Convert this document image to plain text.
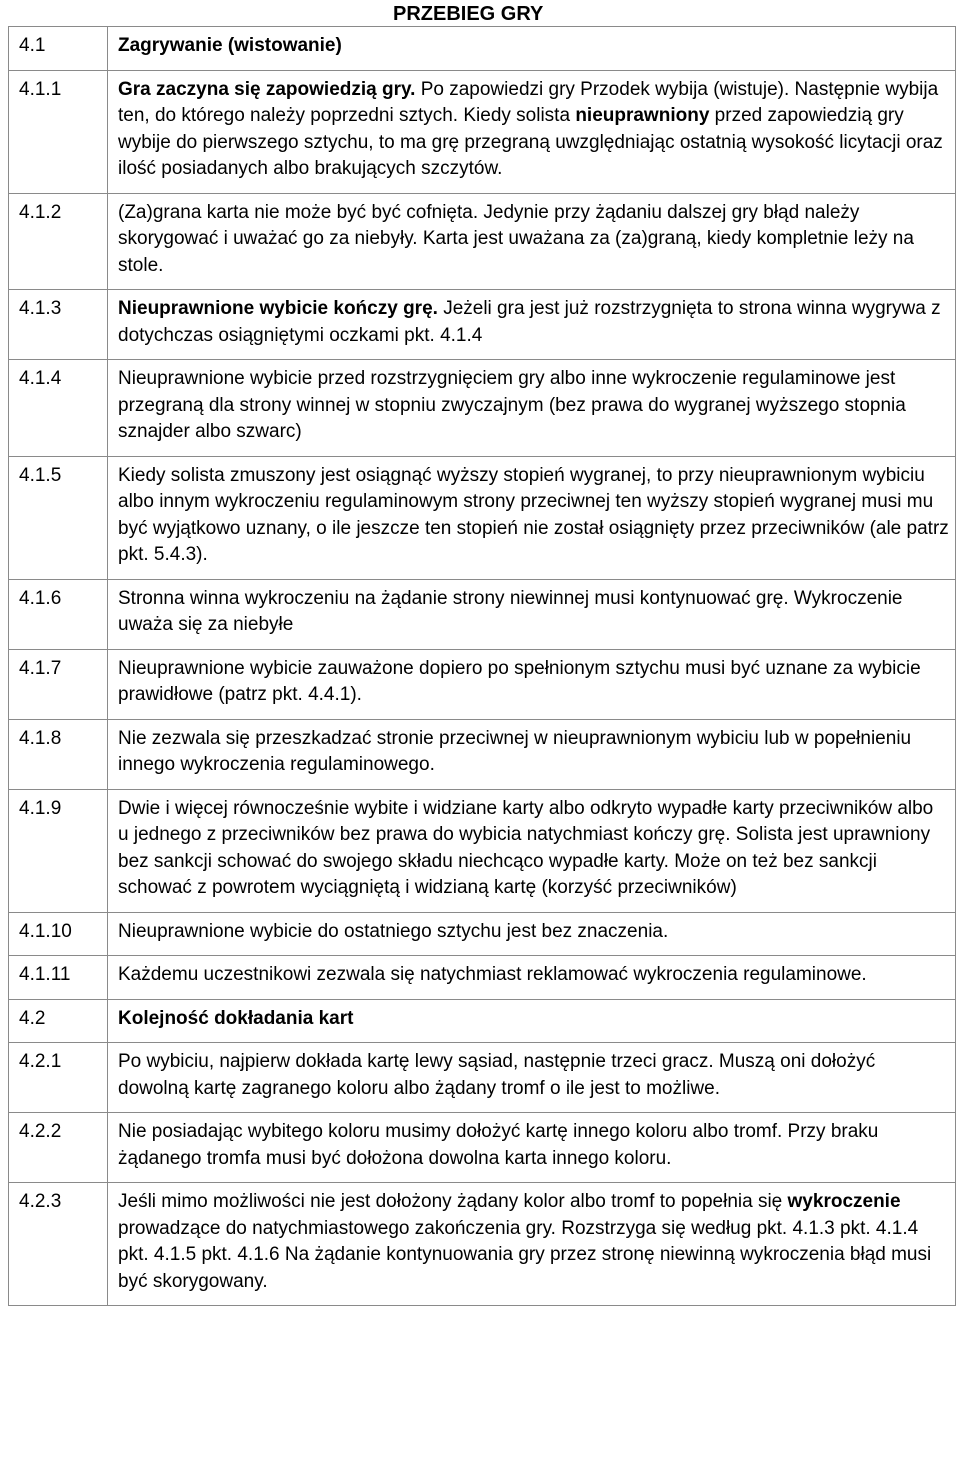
PRZEBIEG GRY
4.1	Zagrywanie (wistowanie)
4.1.1	Gra zaczyna się zapowiedzią gry. Po zapowiedzi gry Przodek wybija (wistuje). Następnie wybija ten, do którego należy poprzedni sztych. Kiedy solista nieuprawniony przed zapowiedzią gry wybije do pierwszego sztychu, to ma grę przegraną uwzględniając ostatnią wysokość licytacji oraz ilość posiadanych albo brakujących szczytów.
4.1.2	(Za)grana karta nie może być być cofnięta. Jedynie przy żądaniu dalszej gry błąd należy skorygować i uważać go za niebyły. Karta jest uważana za (za)graną, kiedy kompletnie leży na stole.
4.1.3	Nieuprawnione wybicie kończy grę. Jeżeli gra jest już rozstrzygnięta to strona winna wygrywa z dotychczas osiągniętymi oczkami pkt. 4.1.4
4.1.4	Nieuprawnione wybicie przed rozstrzygnięciem gry albo inne wykroczenie regulaminowe jest przegraną dla strony winnej w stopniu zwyczajnym (bez prawa do wygranej wyższego stopnia sznajder albo szwarc)
4.1.5	Kiedy solista zmuszony jest osiągnąć wyższy stopień wygranej, to przy nieuprawnionym wybiciu albo innym wykroczeniu regulaminowym strony przeciwnej ten wyższy stopień wygranej musi mu być wyjątkowo uznany, o ile jeszcze ten stopień nie został osiągnięty przez przeciwników (ale patrz pkt. 5.4.3).
4.1.6	Stronna winna wykroczeniu na żądanie strony niewinnej musi kontynuować grę. Wykroczenie uważa się za niebyłe
4.1.7	Nieuprawnione wybicie zauważone dopiero po spełnionym sztychu musi być uznane za wybicie prawidłowe (patrz pkt. 4.4.1).
4.1.8	Nie zezwala się przeszkadzać stronie przeciwnej w nieuprawnionym wybiciu lub w popełnieniu innego wykroczenia regulaminowego.
4.1.9	Dwie i więcej równocześnie wybite i widziane karty albo odkryto wypadłe karty przeciwników albo u jednego z przeciwników bez prawa do wybicia natychmiast kończy grę. Solista jest uprawniony bez sankcji schować do swojego składu niechcąco wypadłe karty. Może on też bez sankcji schować z powrotem wyciągniętą i widzianą kartę (korzyść przeciwników)
4.1.10	Nieuprawnione wybicie do ostatniego sztychu jest bez znaczenia.
4.1.11	Każdemu uczestnikowi zezwala się natychmiast reklamować wykroczenia regulaminowe.
4.2	Kolejność dokładania kart
4.2.1	Po wybiciu, najpierw dokłada kartę lewy sąsiad, następnie trzeci gracz. Muszą oni dołożyć dowolną kartę zagranego koloru albo żądany tromf o ile jest to możliwe.
4.2.2	Nie posiadając wybitego koloru musimy dołożyć kartę innego koloru albo tromf. Przy braku żądanego tromfa musi być dołożona dowolna karta innego koloru.
4.2.3	Jeśli mimo możliwości nie jest dołożony żądany kolor albo tromf to popełnia się wykroczenie prowadzące do natychmiastowego zakończenia gry. Rozstrzyga się według pkt. 4.1.3 pkt. 4.1.4 pkt. 4.1.5 pkt. 4.1.6 Na żądanie kontynuowania gry przez stronę niewinną wykroczenia błąd musi być skorygowany.
